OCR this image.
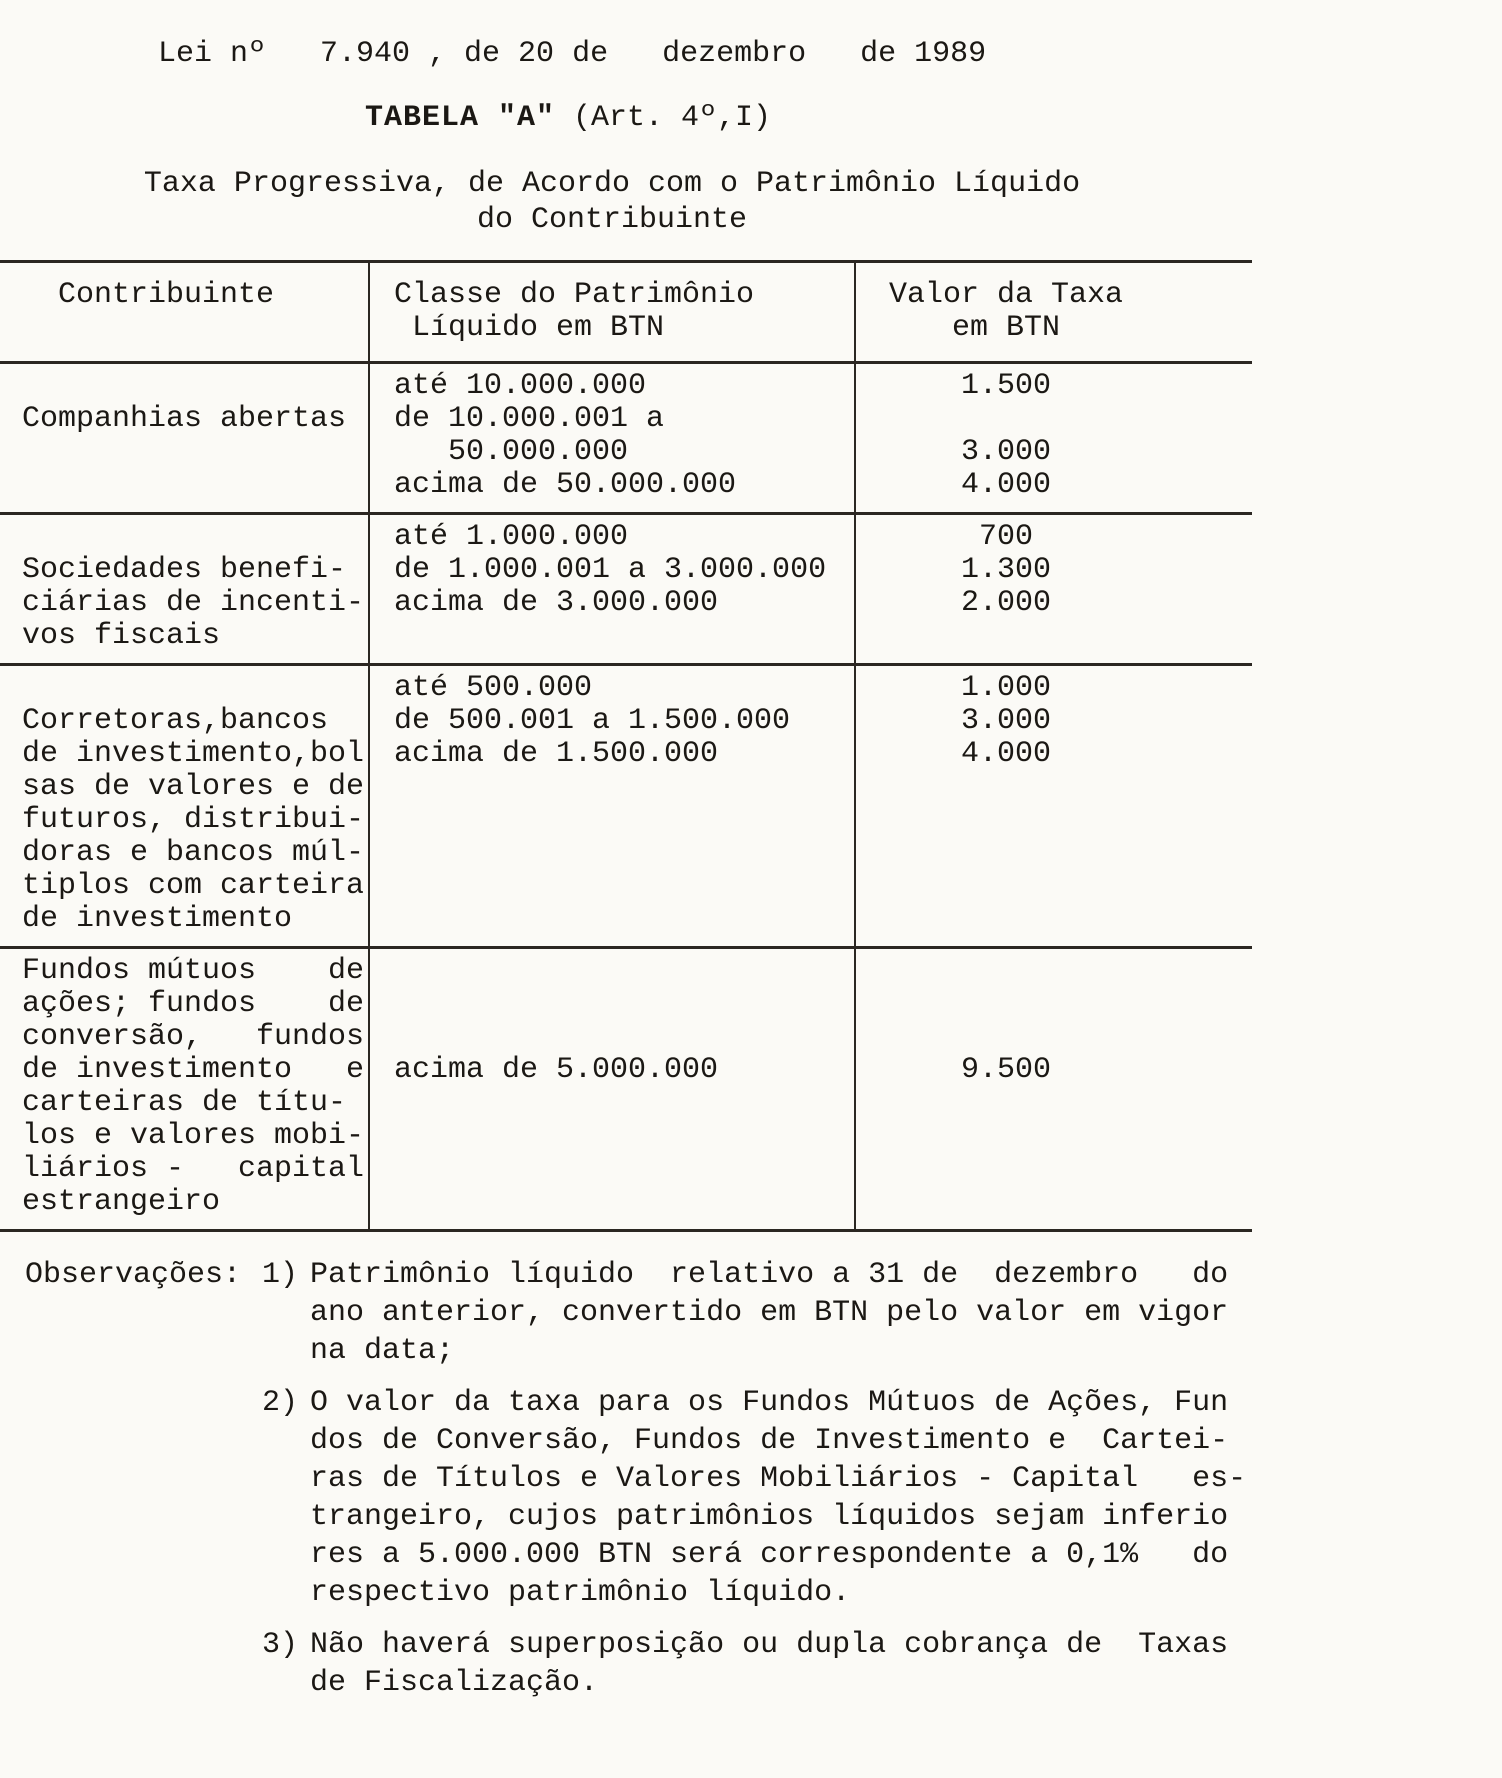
Lei nº   7.940 , de 20 de   dezembro   de 1989
TABELA "A" (Art. 4º,I)
Taxa Progressiva, de Acordo com o Patrimônio Líquido
do Contribuinte
Contribuinte	Classe do Patrimônio
Líquido em BTN
Valor da Taxa
em BTN

Companhias abertas
até 10.000.000
de 10.000.001 a
50.000.000
acima de 50.000.000
1.500

3.000
4.000

Sociedades benefi-
ciárias de incenti-
vos fiscais
até 1.000.000
de 1.000.001 a 3.000.000
acima de 3.000.000
700
1.300
2.000

Corretoras,bancos
de investimento,bol
sas de valores e de
futuros, distribui-
doras e bancos múl-
tiplos com carteira
de investimento
até 500.000
de 500.001 a 1.500.000
acima de 1.500.000
1.000
3.000
4.000
Fundos mútuos    de
ações; fundos    de
conversão,   fundos
de investimento   e
carteiras de títu-
los e valores mobi-
liários -   capital
estrangeiro

acima de 5.000.000

	9.500
Observações: 1) Patrimônio líquido  relativo a 31 de  dezembro   do
ano anterior, convertido em BTN pelo valor em vigor
na data;
2) O valor da taxa para os Fundos Mútuos de Ações, Fun
dos de Conversão, Fundos de Investimento e  Cartei-
ras de Títulos e Valores Mobiliários - Capital   es-
trangeiro, cujos patrimônios líquidos sejam inferio
res a 5.000.000 BTN será correspondente a 0,1%   do
respectivo patrimônio líquido.
3) Não haverá superposição ou dupla cobrança de  Taxas
de Fiscalização.
